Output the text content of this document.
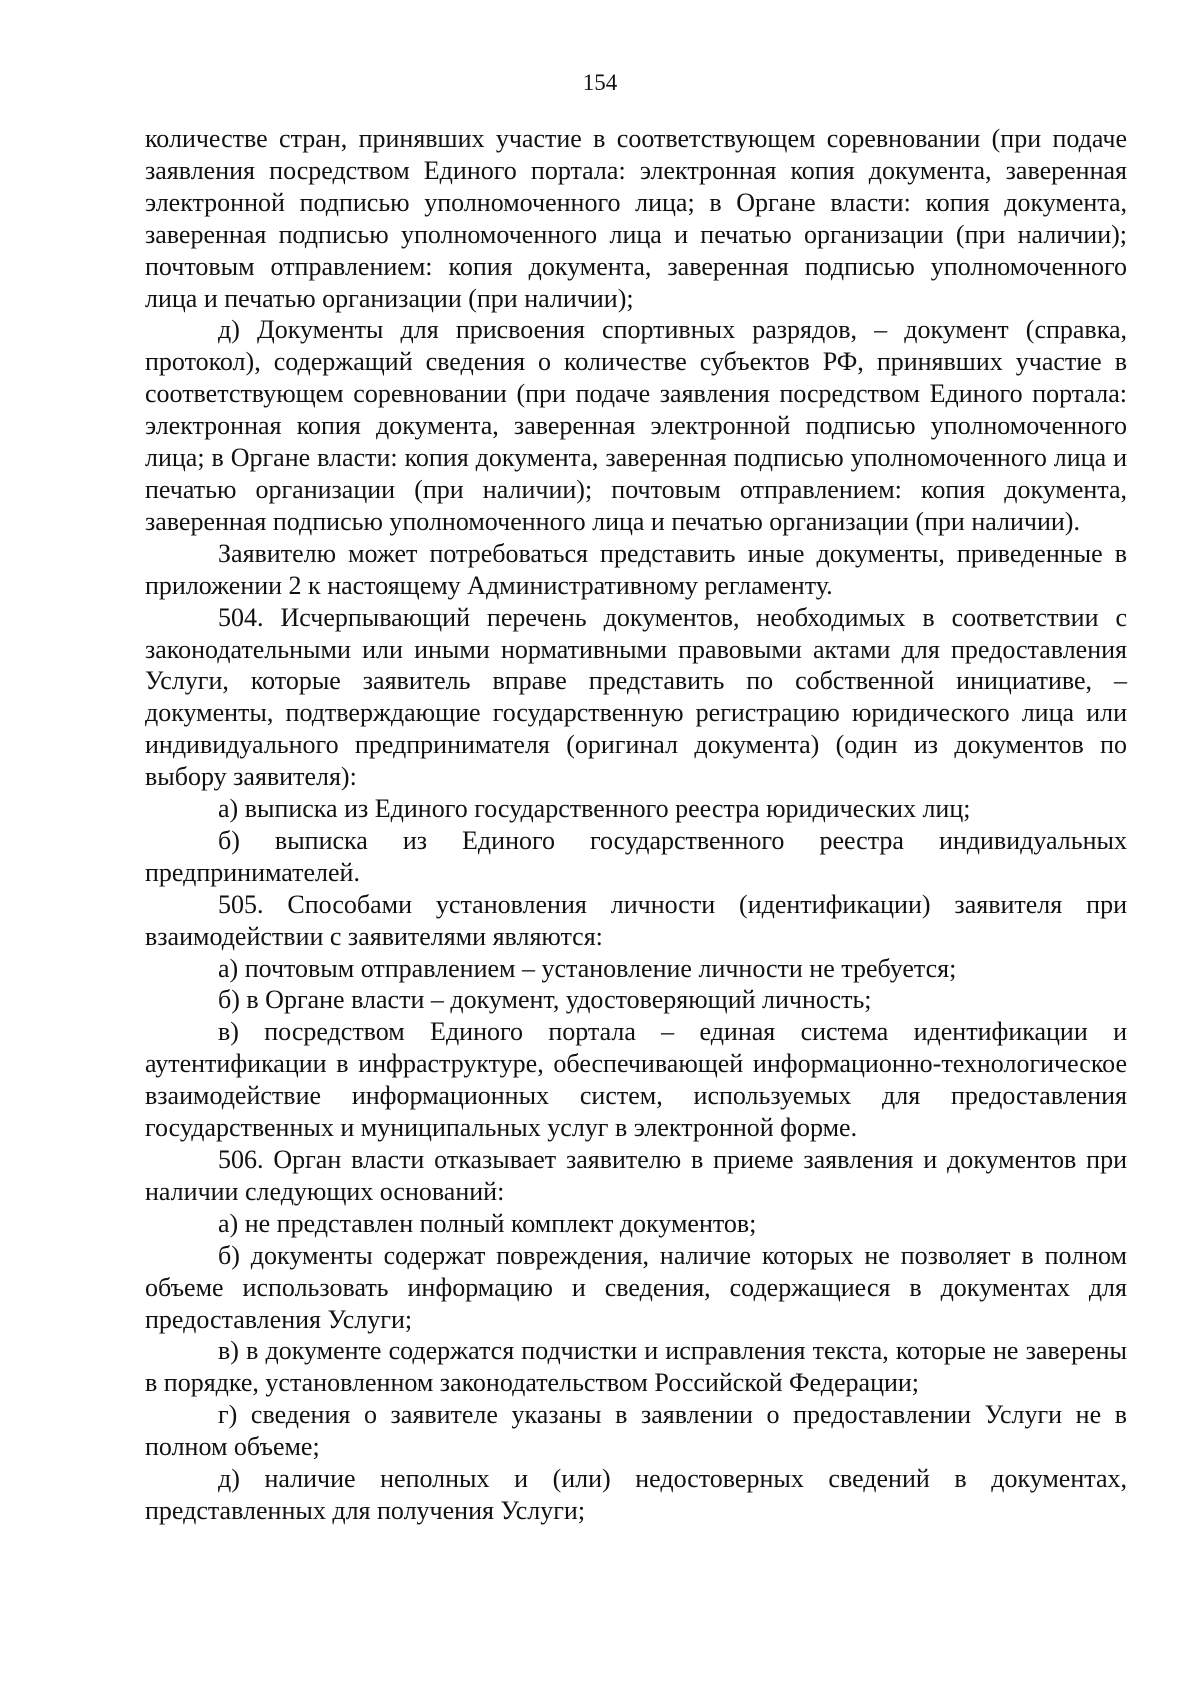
154

количестве стран, принявших участие в соответствующем соревновании (при подаче заявления посредством Единого портала: электронная копия документа, заверенная электронной подписью уполномоченного лица; в Органе власти: копия документа, заверенная подписью уполномоченного лица и печатью организации (при наличии); почтовым отправлением: копия документа, заверенная подписью уполномоченного лица и печатью организации (при наличии);

д) Документы для присвоения спортивных разрядов, – документ (справка, протокол), содержащий сведения о количестве субъектов РФ, принявших участие в соответствующем соревновании (при подаче заявления посредством Единого портала: электронная копия документа, заверенная электронной подписью уполномоченного лица; в Органе власти: копия документа, заверенная подписью уполномоченного лица и печатью организации (при наличии); почтовым отправлением: копия документа, заверенная подписью уполномоченного лица и печатью организации (при наличии).

Заявителю может потребоваться представить иные документы, приведенные в приложении 2 к настоящему Административному регламенту.

504. Исчерпывающий перечень документов, необходимых в соответствии с законодательными или иными нормативными правовыми актами для предоставления Услуги, которые заявитель вправе представить по собственной инициативе, – документы, подтверждающие государственную регистрацию юридического лица или индивидуального предпринимателя (оригинал документа) (один из документов по выбору заявителя):

а) выписка из Единого государственного реестра юридических лиц;

б) выписка из Единого государственного реестра индивидуальных предпринимателей.

505. Способами установления личности (идентификации) заявителя при взаимодействии с заявителями являются:

а) почтовым отправлением – установление личности не требуется;

б) в Органе власти – документ, удостоверяющий личность;

в) посредством Единого портала – единая система идентификации и аутентификации в инфраструктуре, обеспечивающей информационно-технологическое взаимодействие информационных систем, используемых для предоставления государственных и муниципальных услуг в электронной форме.

506. Орган власти отказывает заявителю в приеме заявления и документов при наличии следующих оснований:

а) не представлен полный комплект документов;

б) документы содержат повреждения, наличие которых не позволяет в полном объеме использовать информацию и сведения, содержащиеся в документах для предоставления Услуги;

в) в документе содержатся подчистки и исправления текста, которые не заверены в порядке, установленном законодательством Российской Федерации;

г) сведения о заявителе указаны в заявлении о предоставлении Услуги не в полном объеме;

д) наличие неполных и (или) недостоверных сведений в документах, представленных для получения Услуги;
